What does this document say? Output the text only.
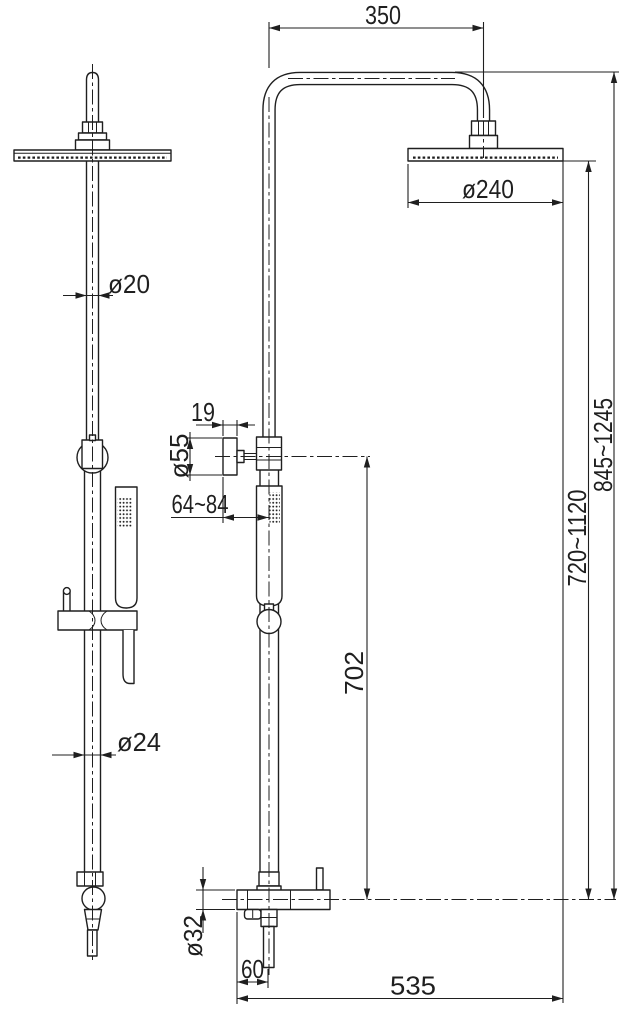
350
ø240
845~1245
720~1120
702
19
ø55
64~84
ø20
ø24
ø32
60
535
